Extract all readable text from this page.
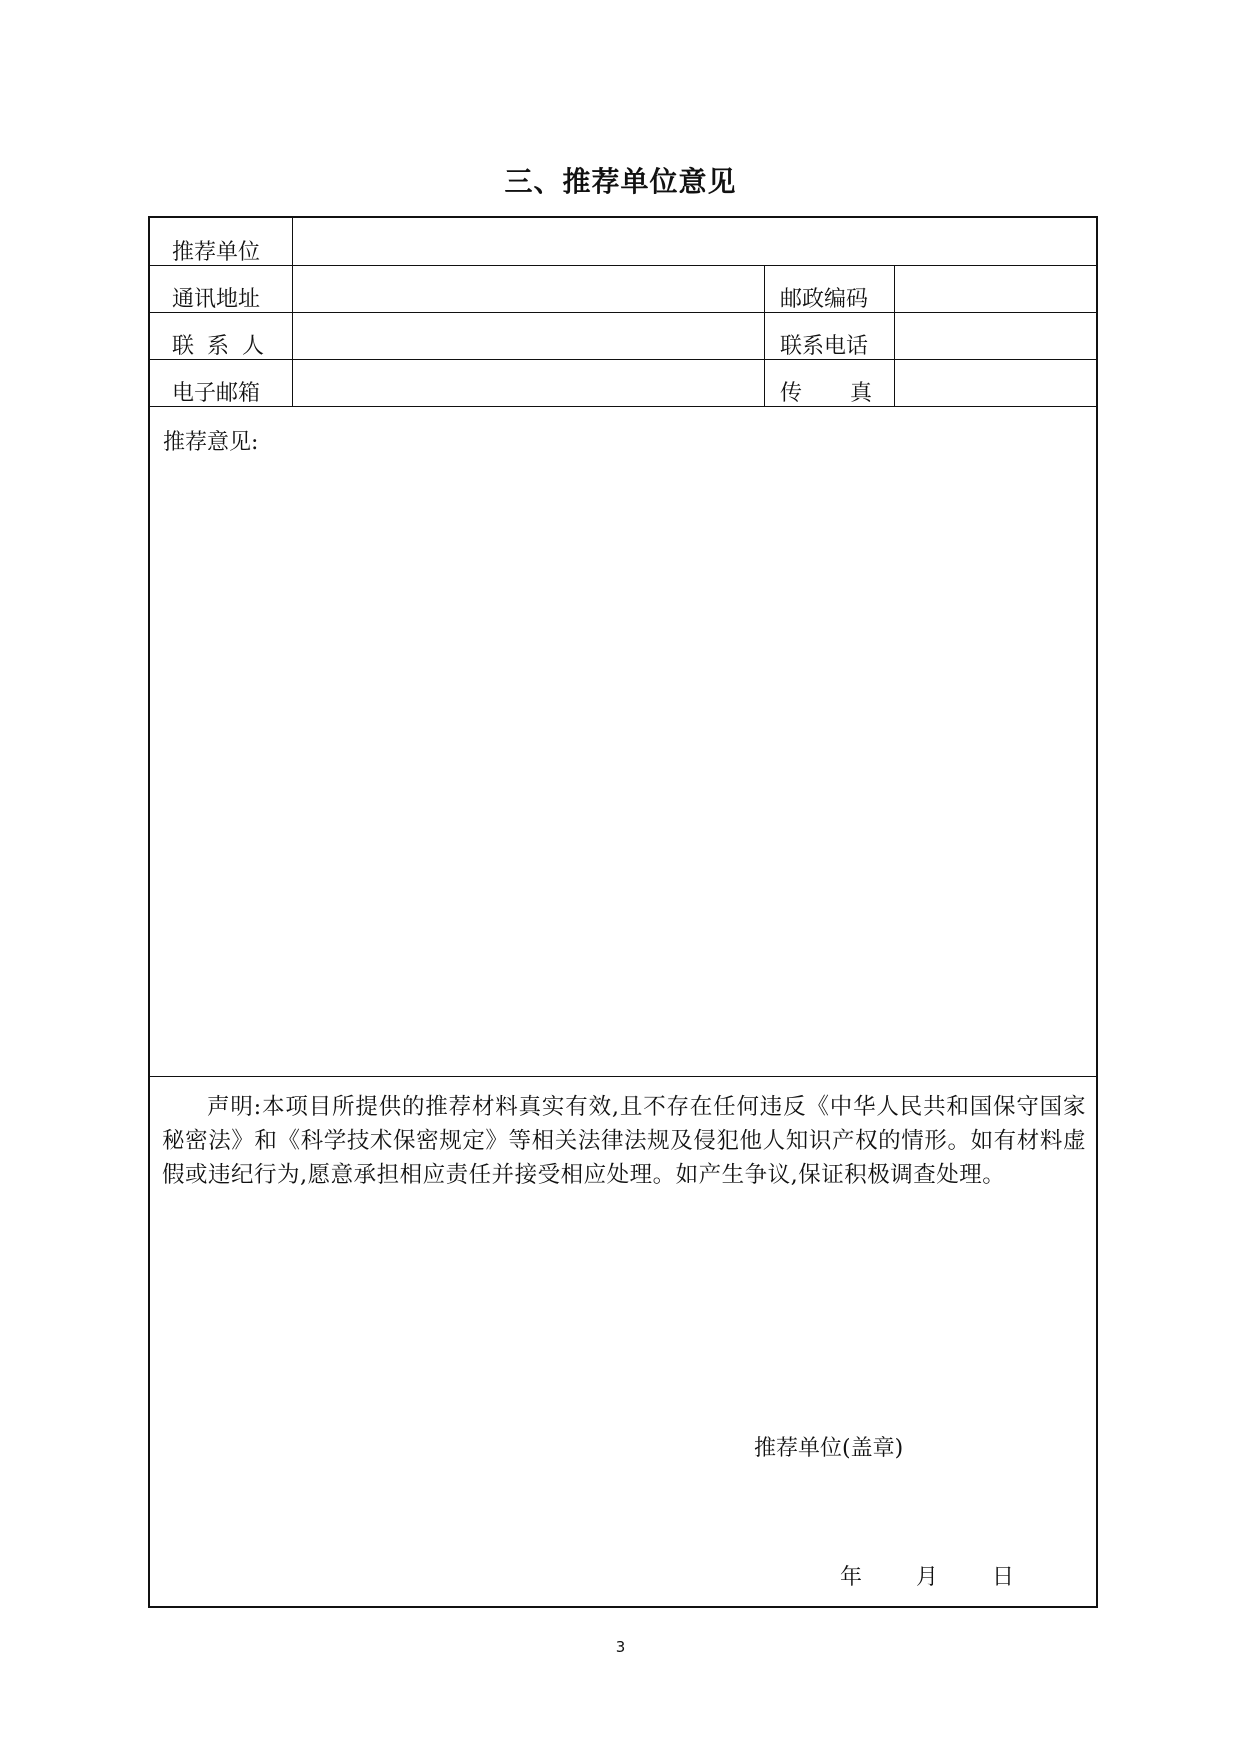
三、推荐单位意见
推荐单位
通讯地址	邮政编码
联 系 人	联系电话
电子邮箱	传 真
推荐意见:
声明:本项目所提供的推荐材料真实有效,且不存在任何违反《中华人民共和国保守国家秘密法》和《科学技术保密规定》等相关法律法规及侵犯他人知识产权的情形。如有材料虚假或违纪行为,愿意承担相应责任并接受相应处理。如产生争议,保证积极调查处理。
推荐单位(盖章)
年 月 日
3
